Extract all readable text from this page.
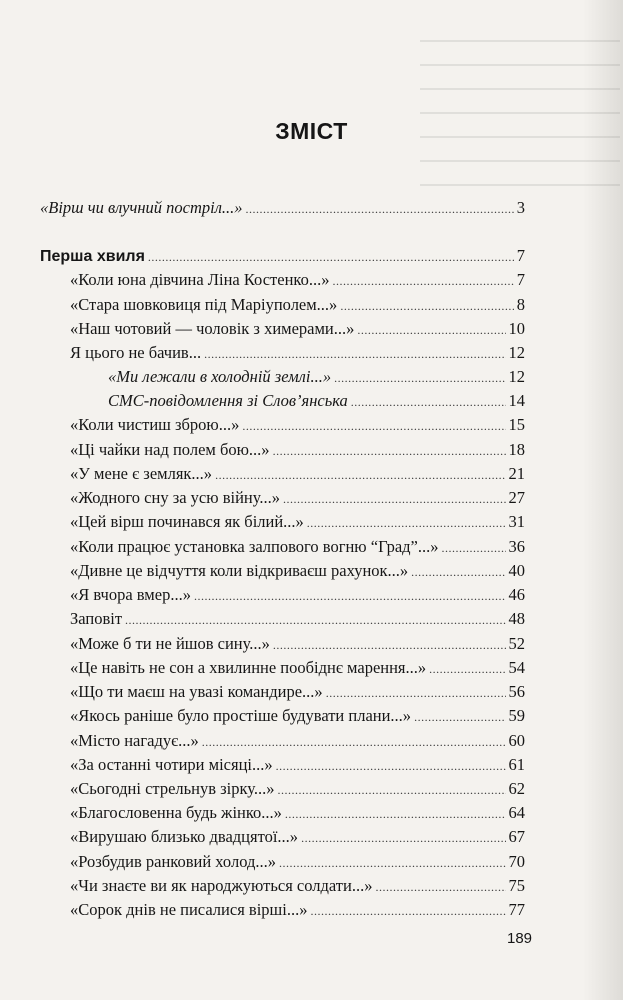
ЗМІСТ
«Вірш чи влучний постріл...» .....	3
Перша хвиля .....	7
«Коли юна дівчина Ліна Костенко...» .....	7
«Стара шовковиця під Маріуполем...» .....	8
«Наш чотовий — чоловік з химерами...» .....	10
Я цього не бачив... .....	12
«Ми лежали в холодній землі...» .....	12
СМС-повідомлення зі Слов’янська .....	14
«Коли чистиш зброю...» .....	15
«Ці чайки над полем бою...» .....	18
«У мене є земляк...» .....	21
«Жодного сну за усю війну...» .....	27
«Цей вірш починався як білий...» .....	31
«Коли працює установка залпового вогню “Град”...» .....	36
«Дивне це відчуття коли відкриваєш рахунок...» .....	40
«Я вчора вмер...» .....	46
Заповіт .....	48
«Може б ти не йшов сину...» .....	52
«Це навіть не сон а хвилинне пообіднє марення...» .....	54
«Що ти маєш на увазі командире...» .....	56
«Якось раніше було простіше будувати плани...» .....	59
«Місто нагадує...» .....	60
«За останні чотири місяці...» .....	61
«Сьогодні стрельнув зірку...» .....	62
«Благословенна будь жінко...» .....	64
«Вирушаю близько двадцятої...» .....	67
«Розбудив ранковий холод...» .....	70
«Чи знаєте ви як народжуються солдати...» .....	75
«Сорок днів не писалися вірші...» .....	77
189
